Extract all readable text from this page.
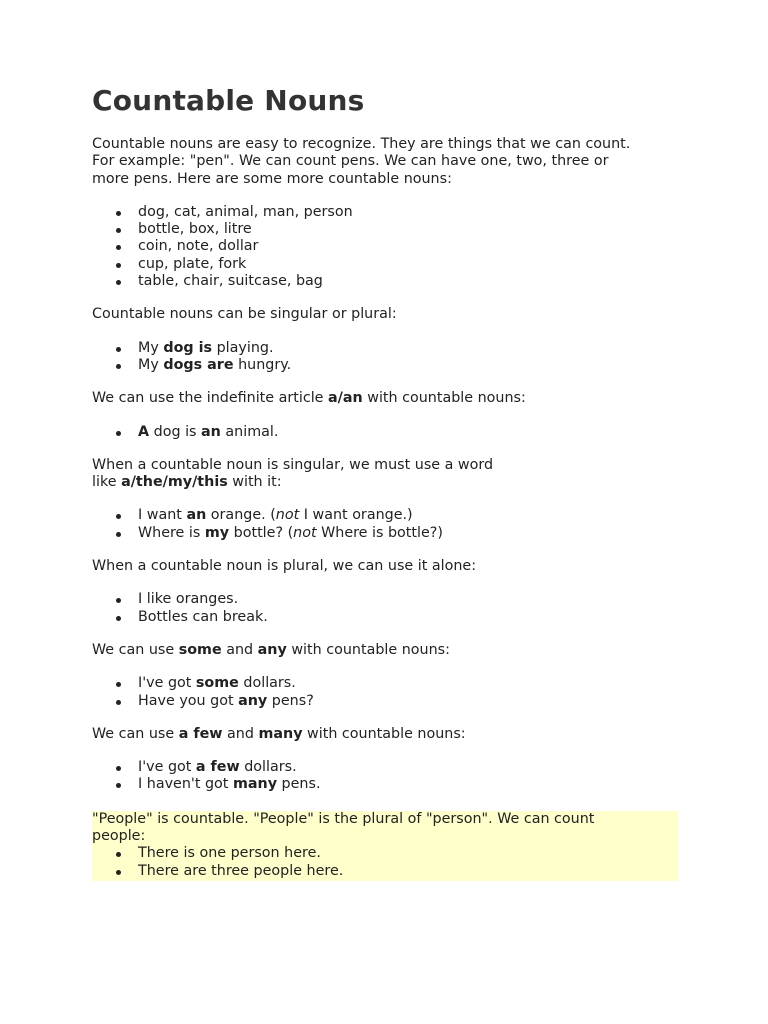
Countable Nouns

Countable nouns are easy to recognize. They are things that we can count.
For example: "pen". We can count pens. We can have one, two, three or
more pens. Here are some more countable nouns:

dog, cat, animal, man, person
bottle, box, litre
coin, note, dollar
cup, plate, fork
table, chair, suitcase, bag

Countable nouns can be singular or plural:

My dog is playing.
My dogs are hungry.

We can use the indefinite article a/an with countable nouns:

A dog is an animal.

When a countable noun is singular, we must use a word
like a/the/my/this with it:

I want an orange. (not I want orange.)
Where is my bottle? (not Where is bottle?)

When a countable noun is plural, we can use it alone:

I like oranges.
Bottles can break.

We can use some and any with countable nouns:

I've got some dollars.
Have you got any pens?

We can use a few and many with countable nouns:

I've got a few dollars.
I haven't got many pens.

"People" is countable. "People" is the plural of "person". We can count
people:

There is one person here.
There are three people here.
